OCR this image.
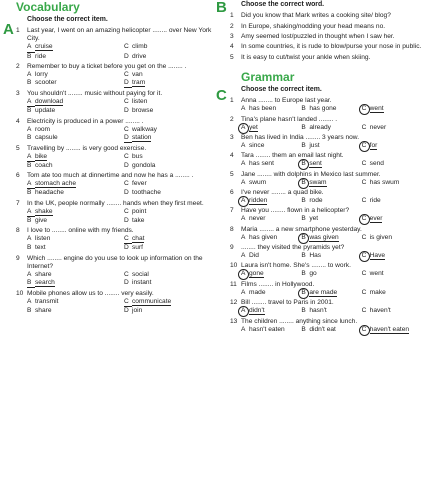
Vocabulary
A
Choose the correct item.
1	Last year, I went on an amazing helicopter ........ over New York City.
A cruise	C climb
B ride	D drive
2	Remember to buy a ticket before you get on the ........ .
A lorry	C van
B scooter	D tram
3	You shouldn't ........ music without paying for it.
A download	C listen
B update	D browse
4	Electricity is produced in a power ........ .
A room	C walkway
B capsule	D station
5	Travelling by ........ is very good exercise.
A bike	C bus
B coach	D gondola
6	Tom ate too much at dinnertime and now he has a ........ .
A stomach ache	C fever
B headache	D toothache
7	In the UK, people normally ........ hands when they first meet.
A shake	C point
B give	D take
8	I love to ........ online with my friends.
A listen	C chat
B text	D surf
9	Which ........ engine do you use to look up information on the Internet?
A share	C social
B search	D instant
10 Mobile phones allow us to ........ very easily.
A transmit	C communicate
B share	D join
B Choose the correct word.
1	Did you know that Mark writes a cooking site/ blog?
2	In Europe, shaking/nodding your head means no.
3	Amy seemed lost/puzzled in thought when I saw her.
4	In some countries, it is rude to blow/purse your nose in public.
5	It is easy to cut/twist your ankle when skiing.
Grammar
C Choose the correct item.
1	Anna ........ to Europe last year.
A has been	B has gone	C went
2	Tina's plane hasn't landed ........ .
A yet	B already	C never
3	Ben has lived in India ........ 3 years now.
A since	B just	C for
4	Tara ........ them an email last night.
A has sent	B sent	C send
5	Jane ........ with dolphins in Mexico last summer.
A swum	B swam	C has swum
6	I've never ........ a quad bike.
A ridden	B rode	C ride
7	Have you ........ flown in a helicopter?
A never	B yet	C ever
8	Maria ........ a new smartphone yesterday.
A has given	B was given	C is given
9	........ they visited the pyramids yet?
A Did	B Has	C Have
10 Laura isn't home. She's ........ to work.
A gone	B go	C went
11 Films ........ in Hollywood.
A made	B are made	C make
12 Bill ........ travel to Paris in 2001.
A didn't	B hasn't	C haven't
13 The children ........ anything since lunch.
A hasn't eaten	B didn't eat	C haven't eaten
